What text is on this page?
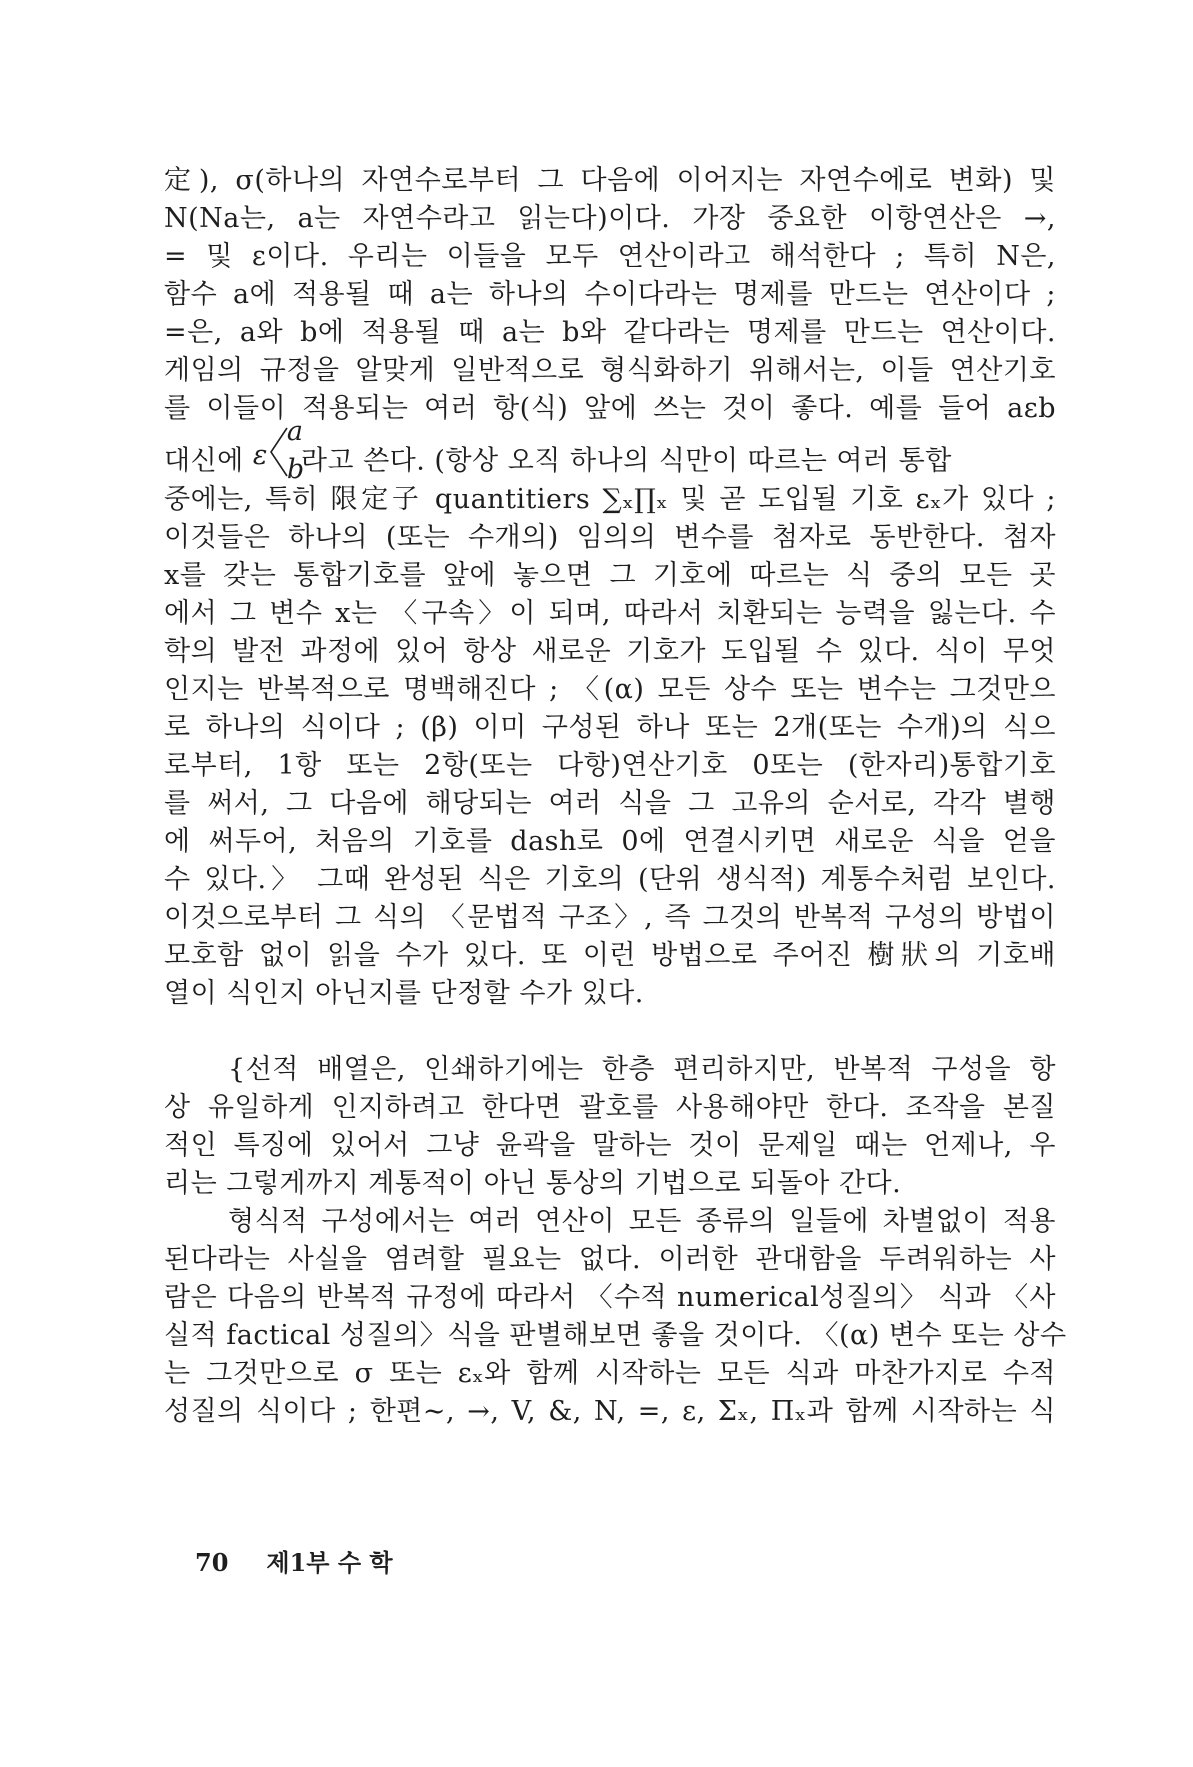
定), σ(하나의 자연수로부터 그 다음에 이어지는 자연수에로 변화) 및
N(Na는, a는 자연수라고 읽는다)이다. 가장 중요한 이항연산은 →,
= 및 ε이다. 우리는 이들을 모두 연산이라고 해석한다 ; 특히 N은,
함수 a에 적용될 때 a는 하나의 수이다라는 명제를 만드는 연산이다 ;
=은, a와 b에 적용될 때 a는 b와 같다라는 명제를 만드는 연산이다.
게임의 규정을 알맞게 일반적으로 형식화하기 위해서는, 이들 연산기호
를 이들이 적용되는 여러 항(식) 앞에 쓰는 것이 좋다. 예를 들어 aεb
대신에 ε
a
b
라고 쓴다. (항상 오직 하나의 식만이 따르는 여러 통합
중에는, 특히 限定子 quantitiers ∑ₓ∏ₓ 및 곧 도입될 기호 εₓ가 있다 ;
이것들은 하나의 (또는 수개의) 임의의 변수를 첨자로 동반한다. 첨자
x를 갖는 통합기호를 앞에 놓으면 그 기호에 따르는 식 중의 모든 곳
에서 그 변수 x는 〈구속〉이 되며, 따라서 치환되는 능력을 잃는다. 수
학의 발전 과정에 있어 항상 새로운 기호가 도입될 수 있다. 식이 무엇
인지는 반복적으로 명백해진다 ; 〈(α) 모든 상수 또는 변수는 그것만으
로 하나의 식이다 ; (β) 이미 구성된 하나 또는 2개(또는 수개)의 식으
로부터, 1항 또는 2항(또는 다항)연산기호 0또는 (한자리)통합기호
를 써서, 그 다음에 해당되는 여러 식을 그 고유의 순서로, 각각 별행
에 써두어, 처음의 기호를 dash로 0에 연결시키면 새로운 식을 얻을
수 있다.〉 그때 완성된 식은 기호의 (단위 생식적) 계통수처럼 보인다.
이것으로부터 그 식의 〈문법적 구조〉, 즉 그것의 반복적 구성의 방법이
모호함 없이 읽을 수가 있다. 또 이런 방법으로 주어진 樹狀의 기호배
열이 식인지 아닌지를 단정할 수가 있다.
{선적 배열은, 인쇄하기에는 한층 편리하지만, 반복적 구성을 항
상 유일하게 인지하려고 한다면 괄호를 사용해야만 한다. 조작을 본질
적인 특징에 있어서 그냥 윤곽을 말하는 것이 문제일 때는 언제나, 우
리는 그렇게까지 계통적이 아닌 통상의 기법으로 되돌아 간다.
형식적 구성에서는 여러 연산이 모든 종류의 일들에 차별없이 적용
된다라는 사실을 염려할 필요는 없다. 이러한 관대함을 두려워하는 사
람은 다음의 반복적 규정에 따라서 〈수적 numerical성질의〉 식과 〈사
실적 factical 성질의〉식을 판별해보면 좋을 것이다. 〈(α) 변수 또는 상수
는 그것만으로 σ 또는 εₓ와 함께 시작하는 모든 식과 마찬가지로 수적
성질의 식이다 ; 한편∼, →, V, &, N, =, ε, Σₓ, Πₓ과 함께 시작하는 식
70 제1부 수 학
